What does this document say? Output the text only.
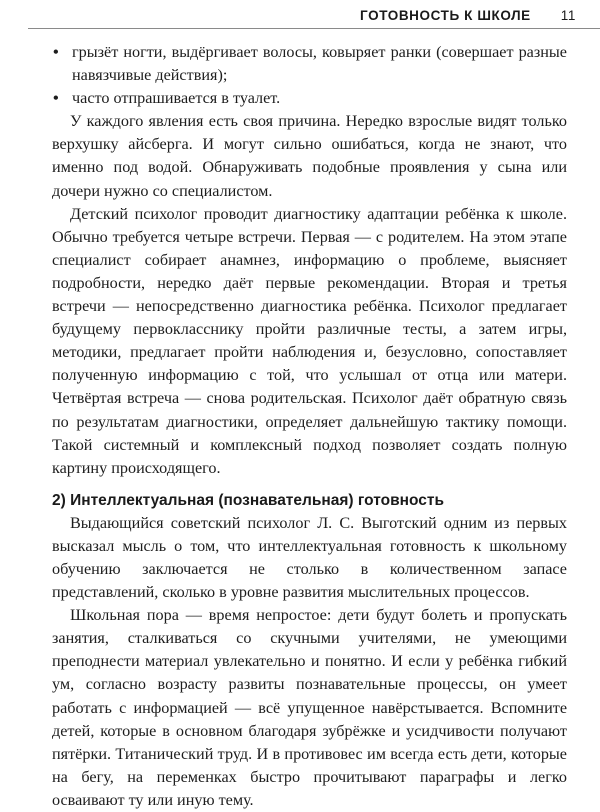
ГОТОВНОСТЬ К ШКОЛЕ 11
• грызёт ногти, выдёргивает волосы, ковыряет ранки (совершает разные навязчивые действия);
• часто отпрашивается в туалет.

У каждого явления есть своя причина. Нередко взрослые видят только верхушку айсберга. И могут сильно ошибаться, когда не знают, что именно под водой. Обнаруживать подобные проявления у сына или дочери нужно со специалистом.

Детский психолог проводит диагностику адаптации ребёнка к школе. Обычно требуется четыре встречи. Первая — с родителем. На этом этапе специалист собирает анамнез, информацию о проблеме, выясняет подробности, нередко даёт первые рекомендации. Вторая и третья встречи — непосредственно диагностика ребёнка. Психолог предлагает будущему первокласснику пройти различные тесты, а затем игры, методики, предлагает пройти наблюдения и, безусловно, сопоставляет полученную информацию с той, что услышал от отца или матери. Четвёртая встреча — снова родительская. Психолог даёт обратную связь по результатам диагностики, определяет дальнейшую тактику помощи. Такой системный и комплексный подход позволяет создать полную картину происходящего.

2) Интеллектуальная (познавательная) готовность

Выдающийся советский психолог Л. С. Выготский одним из первых высказал мысль о том, что интеллектуальная готовность к школьному обучению заключается не столько в количественном запасе представлений, сколько в уровне развития мыслительных процессов.

Школьная пора — время непростое: дети будут болеть и пропускать занятия, сталкиваться со скучными учителями, не умеющими преподнести материал увлекательно и понятно. И если у ребёнка гибкий ум, согласно возрасту развиты познавательные процессы, он умеет работать с информацией — всё упущенное навёрстывается. Вспомните детей, которые в основном благодаря зубрёжке и усидчивости получают пятёрки. Титанический труд. И в противовес им всегда есть дети, которые на бегу, на переменках быстро прочитывают параграфы и легко осваивают ту или иную тему.
